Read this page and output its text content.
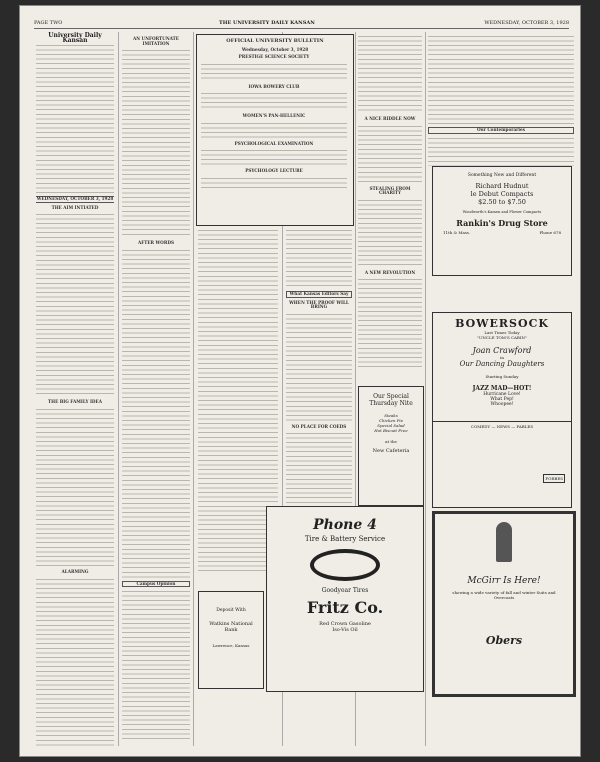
PAGE TWO	THE UNIVERSITY DAILY KANSAN	WEDNESDAY, OCTOBER 3, 1928
University Daily Kansan
WEDNESDAY, OCTOBER 3, 1928
THE AIM INTIATED
THE BIG FAMILY IDEA
ALARMING
AN UNFORTUNATE IMITATION
AFTER WORDS
Campus Opinion
OFFICIAL UNIVERSITY BULLETIN
Wednesday, October 3, 1928
PRESTIGE SCIENCE SOCIETY
IOWA BOWERY CLUB
WOMEN'S PAN-HELLENIC
PSYCHOLOGICAL EXAMINATION
PSYCHOLOGY LECTURE
What Kansas Editors Say
WHEN THE PROOF WILL BRING
NO PLACE FOR COEDS
A NICE RIDDLE NOW
STEALING FROM CHARITY
A NEW REVOLUTION
Our Contemporaries
Our Special Thursday Nite
Steaks
Chicken Pie
Special Salad
Hot Biscuit Free
at the
New Cafeteria
Phone 4
Tire & Battery Service
Goodyear Tires
Fritz Co.
Red Crown Gasoline
Iso-Vis Oil
Deposit With
Watkins National
Bank
Lawrence, Kansas
Something New and Different
Richard Hudnut
le Debut Compacts
$2.50 to $7.50
Woodworth's Kamen and Flower Compacts
Rankin's Drug Store
11th & Mass.	Phone 678
BOWERSOCK
Last Times Today
"UNCLE TOM'S CABIN"
Joan Crawford
in
Our Dancing Daughters
Starting Sunday
JAZZ MAD—HOT!
Hurricane Love!
What Pep!
Whoopee!
COMEDY — NEWS — FABLES
FORBES
McGirr Is Here!
showing a wide variety of fall and winter Suits and Overcoats
Obers
